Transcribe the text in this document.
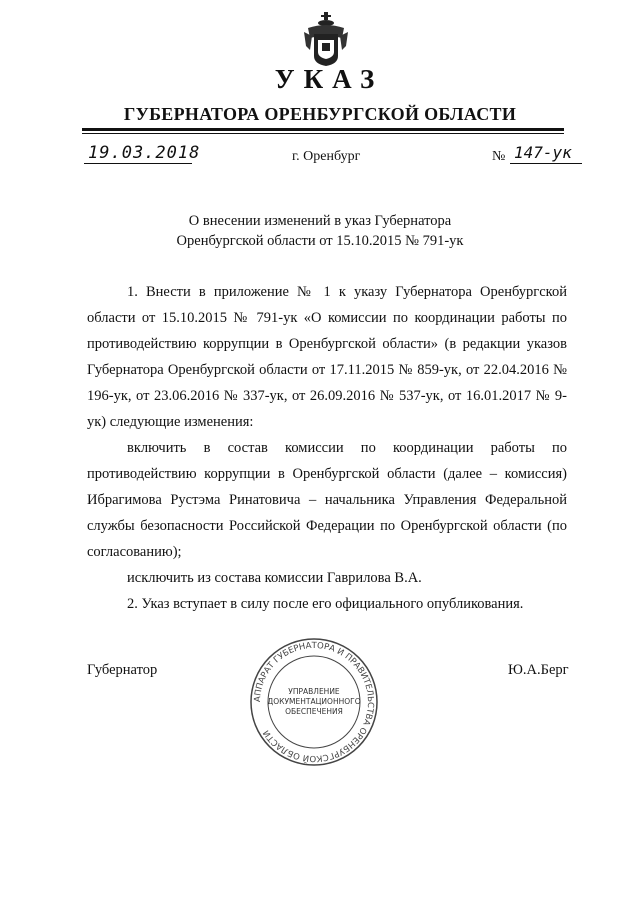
УКАЗ
ГУБЕРНАТОРА ОРЕНБУРГСКОЙ ОБЛАСТИ
19.03.2018	г. Оренбург	№ 147-ук
О внесении изменений в указ Губернатора
Оренбургской области от 15.10.2015 № 791-ук

1. Внести в приложение № 1 к указу Губернатора Оренбургской области от 15.10.2015 № 791-ук «О комиссии по координации работы по противодействию коррупции в Оренбургской области» (в редакции указов Губернатора Оренбургской области от 17.11.2015 № 859-ук, от 22.04.2016 № 196-ук, от 23.06.2016 № 337-ук, от 26.09.2016 № 537-ук, от 16.01.2017 № 9-ук) следующие изменения:

включить в состав комиссии по координации работы по противодействию коррупции в Оренбургской области (далее – комиссия) Ибрагимова Рустэма Ринатовича – начальника Управления Федеральной службы безопасности Российской Федерации по Оренбургской области (по согласованию);

исключить из состава комиссии Гаврилова В.А.

2. Указ вступает в силу после его официального опубликования.

Губернатор	Ю.А.Берг
АППАРАТ ГУБЕРНАТОРА И ПРАВИТЕЛЬСТВА ОРЕНБУРГСКОЙ ОБЛАСТИ
УПРАВЛЕНИЕ
ДОКУМЕНТАЦИОННОГО
ОБЕСПЕЧЕНИЯ
